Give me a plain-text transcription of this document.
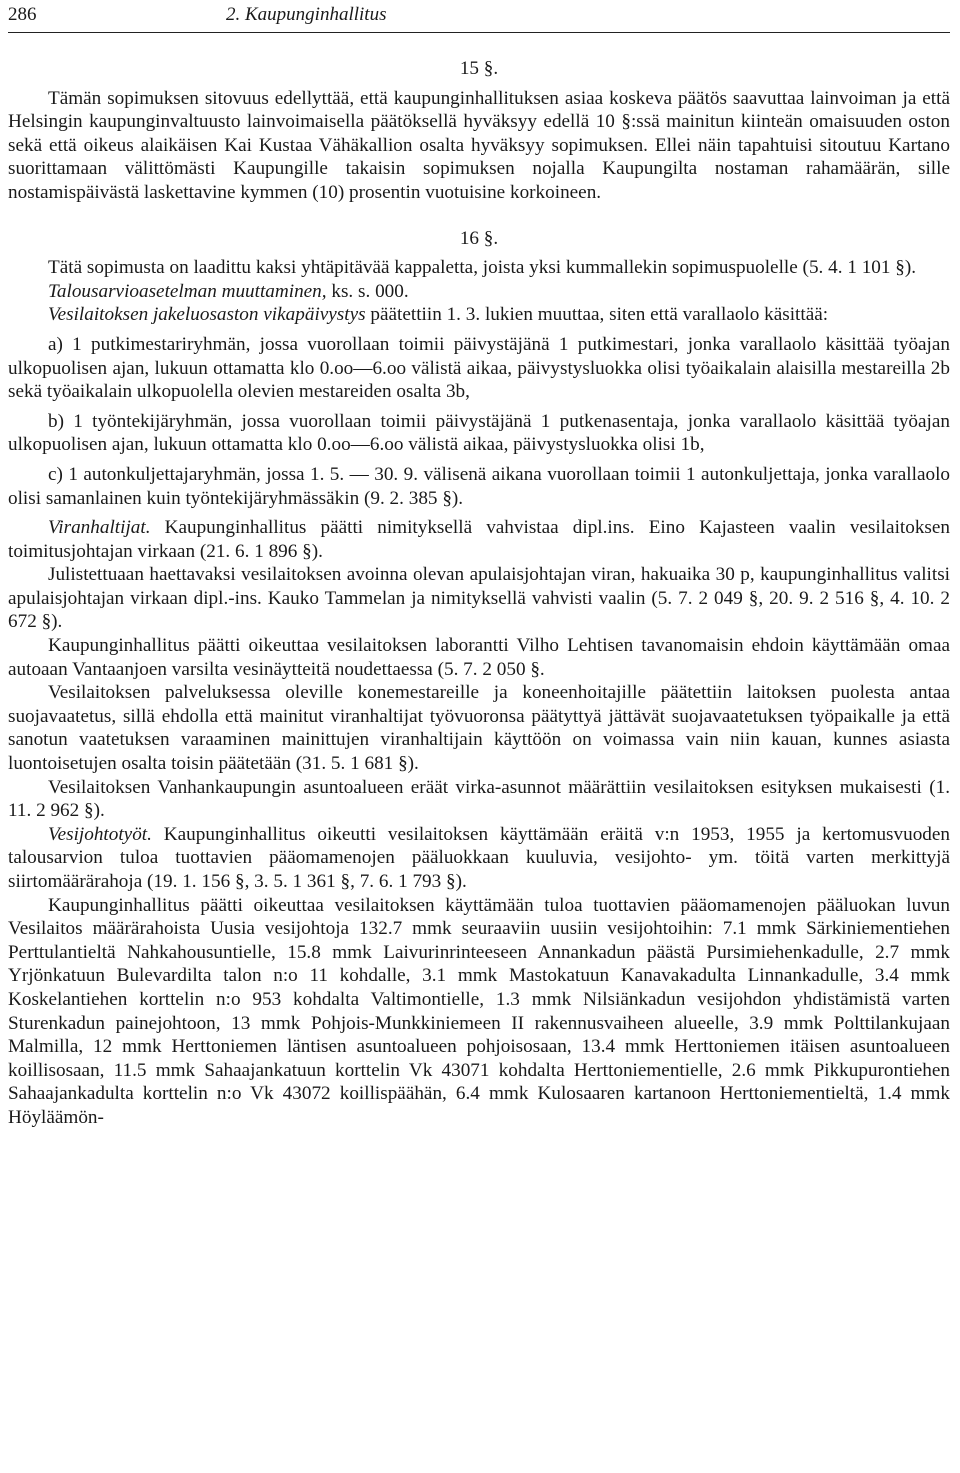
286	2. Kaupunginhallitus
15 §.

Tämän sopimuksen sitovuus edellyttää, että kaupunginhallituksen asiaa koskeva päätös saavuttaa lainvoiman ja että Helsingin kaupunginvaltuusto lainvoimaisella päätöksellä hyväksyy edellä 10 §:ssä mainitun kiinteän omaisuuden oston sekä että oikeus alaikäisen Kai Kustaa Vähäkallion osalta hyväksyy sopimuksen. Ellei näin tapahtuisi sitoutuu Kartano suorittamaan välittömästi Kaupungille takaisin sopimuksen nojalla Kaupungilta nostaman rahamäärän, sille nostamispäivästä laskettavine kymmen (10) prosentin vuotuisine korkoineen.

16 §.

Tätä sopimusta on laadittu kaksi yhtäpitävää kappaletta, joista yksi kummallekin sopimuspuolelle (5. 4. 1 101 §).

Talousarvioasetelman muuttaminen, ks. s. 000.

Vesilaitoksen jakeluosaston vikapäivystys päätettiin 1. 3. lukien muuttaa, siten että varallaolo käsittää:

a) 1 putkimestariryhmän, jossa vuorollaan toimii päivystäjänä 1 putkimestari, jonka varallaolo käsittää työajan ulkopuolisen ajan, lukuun ottamatta klo 0.oo—6.oo välistä aikaa, päivystysluokka olisi työaikalain alaisilla mestareilla 2b sekä työaikalain ulkopuolella olevien mestareiden osalta 3b,

b) 1 työntekijäryhmän, jossa vuorollaan toimii päivystäjänä 1 putkenasentaja, jonka varallaolo käsittää työajan ulkopuolisen ajan, lukuun ottamatta klo 0.oo—6.oo välistä aikaa, päivystysluokka olisi 1b,

c) 1 autonkuljettajaryhmän, jossa 1. 5. — 30. 9. välisenä aikana vuorollaan toimii 1 autonkuljettaja, jonka varallaolo olisi samanlainen kuin työntekijäryhmässäkin (9. 2. 385 §).

Viranhaltijat. Kaupunginhallitus päätti nimityksellä vahvistaa dipl.ins. Eino Kajasteen vaalin vesilaitoksen toimitusjohtajan virkaan (21. 6. 1 896 §).

Julistettuaan haettavaksi vesilaitoksen avoinna olevan apulaisjohtajan viran, hakuaika 30 p, kaupunginhallitus valitsi apulaisjohtajan virkaan dipl.-ins. Kauko Tammelan ja nimityksellä vahvisti vaalin (5. 7. 2 049 §, 20. 9. 2 516 §, 4. 10. 2 672 §).

Kaupunginhallitus päätti oikeuttaa vesilaitoksen laborantti Vilho Lehtisen tavanomaisin ehdoin käyttämään omaa autoaan Vantaanjoen varsilta vesinäytteitä noudettaessa (5. 7. 2 050 §.

Vesilaitoksen palveluksessa oleville konemestareille ja koneenhoitajille päätettiin laitoksen puolesta antaa suojavaatetus, sillä ehdolla että mainitut viranhaltijat työvuoronsa päätyttyä jättävät suojavaatetuksen työpaikalle ja että sanotun vaatetuksen varaaminen mainittujen viranhaltijain käyttöön on voimassa vain niin kauan, kunnes asiasta luontoisetujen osalta toisin päätetään (31. 5. 1 681 §).

Vesilaitoksen Vanhankaupungin asuntoalueen eräät virka-asunnot määrättiin vesilaitoksen esityksen mukaisesti (1. 11. 2 962 §).

Vesijohtotyöt. Kaupunginhallitus oikeutti vesilaitoksen käyttämään eräitä v:n 1953, 1955 ja kertomusvuoden talousarvion tuloa tuottavien pääomamenojen pääluokkaan kuuluvia, vesijohto- ym. töitä varten merkittyjä siirtomäärärahoja (19. 1. 156 §, 3. 5. 1 361 §, 7. 6. 1 793 §).

Kaupunginhallitus päätti oikeuttaa vesilaitoksen käyttämään tuloa tuottavien pääomamenojen pääluokan luvun Vesilaitos määrärahoista Uusia vesijohtoja 132.7 mmk seuraaviin uusiin vesijohtoihin: 7.1 mmk Särkiniementiehen Perttulantieltä Nahkahousuntielle, 15.8 mmk Laivurinrinteeseen Annankadun päästä Pursimiehenkadulle, 2.7 mmk Yrjönkatuun Bulevardilta talon n:o 11 kohdalle, 3.1 mmk Mastokatuun Kanavakadulta Linnankadulle, 3.4 mmk Koskelantiehen korttelin n:o 953 kohdalta Valtimontielle, 1.3 mmk Nilsiänkadun vesijohdon yhdistämistä varten Sturenkadun painejohtoon, 13 mmk Pohjois-Munkkiniemeen II rakennusvaiheen alueelle, 3.9 mmk Polttilankujaan Malmilla, 12 mmk Herttoniemen läntisen asuntoalueen pohjoisosaan, 13.4 mmk Herttoniemen itäisen asuntoalueen koillisosaan, 11.5 mmk Sahaajankatuun korttelin Vk 43071 kohdalta Herttoniementielle, 2.6 mmk Pikkupurontiehen Sahaajankadulta korttelin n:o Vk 43072 koillispäähän, 6.4 mmk Kulosaaren kartanoon Herttoniementieltä, 1.4 mmk Höyläämön-
